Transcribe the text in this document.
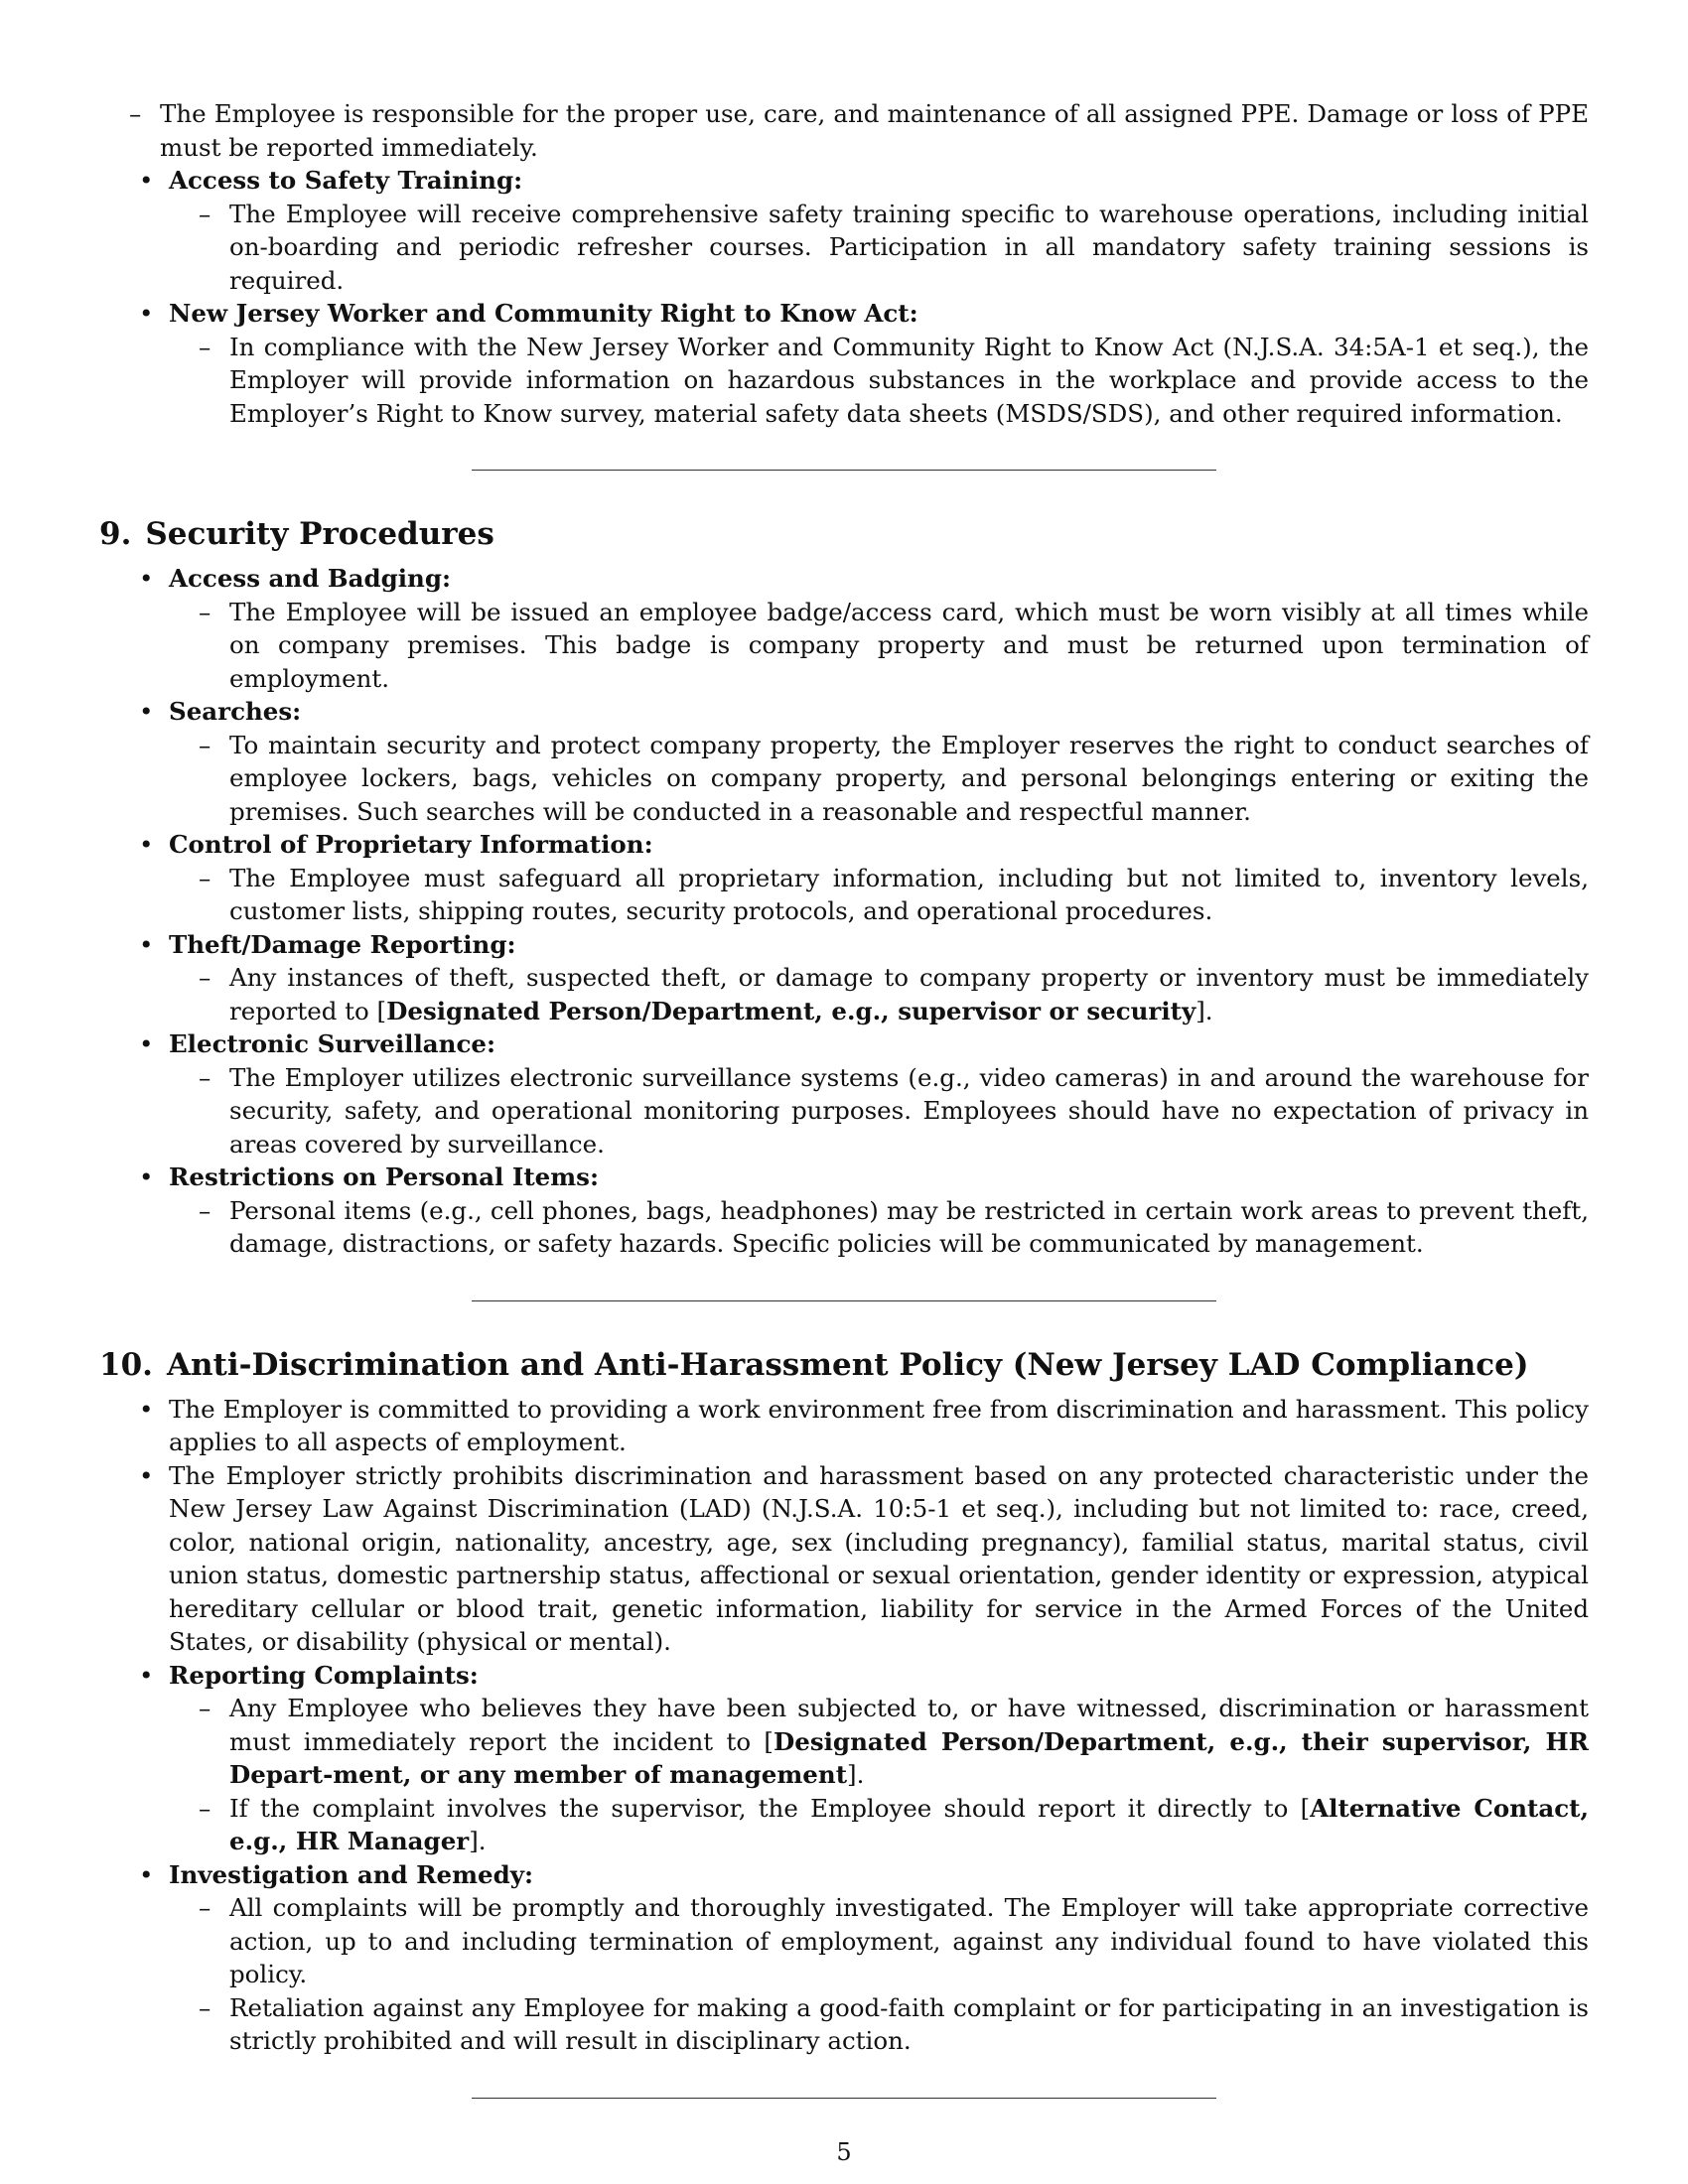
– The Employee is responsible for the proper use, care, and maintenance of all assigned PPE. Damage or loss of PPE must be reported immediately.
• Access to Safety Training:
– The Employee will receive comprehensive safety training specific to warehouse operations, including initial on-boarding and periodic refresher courses. Participation in all mandatory safety training sessions is required.
• New Jersey Worker and Community Right to Know Act:
– In compliance with the New Jersey Worker and Community Right to Know Act (N.J.S.A. 34:5A-1 et seq.), the Employer will provide information on hazardous substances in the workplace and provide access to the Employer’s Right to Know survey, material safety data sheets (MSDS/SDS), and other required information.
9. Security Procedures
• Access and Badging:
– The Employee will be issued an employee badge/access card, which must be worn visibly at all times while on company premises. This badge is company property and must be returned upon termination of employment.
• Searches:
– To maintain security and protect company property, the Employer reserves the right to conduct searches of employee lockers, bags, vehicles on company property, and personal belongings entering or exiting the premises. Such searches will be conducted in a reasonable and respectful manner.
• Control of Proprietary Information:
– The Employee must safeguard all proprietary information, including but not limited to, inventory levels, customer lists, shipping routes, security protocols, and operational procedures.
• Theft/Damage Reporting:
– Any instances of theft, suspected theft, or damage to company property or inventory must be immediately reported to [Designated Person/Department, e.g., supervisor or security].
• Electronic Surveillance:
– The Employer utilizes electronic surveillance systems (e.g., video cameras) in and around the warehouse for security, safety, and operational monitoring purposes. Employees should have no expectation of privacy in areas covered by surveillance.
• Restrictions on Personal Items:
– Personal items (e.g., cell phones, bags, headphones) may be restricted in certain work areas to prevent theft, damage, distractions, or safety hazards. Specific policies will be communicated by management.
10. Anti-Discrimination and Anti-Harassment Policy (New Jersey LAD Compliance)
• The Employer is committed to providing a work environment free from discrimination and harassment. This policy applies to all aspects of employment.
• The Employer strictly prohibits discrimination and harassment based on any protected characteristic under the New Jersey Law Against Discrimination (LAD) (N.J.S.A. 10:5-1 et seq.), including but not limited to: race, creed, color, national origin, nationality, ancestry, age, sex (including pregnancy), familial status, marital status, civil union status, domestic partnership status, affectional or sexual orientation, gender identity or expression, atypical hereditary cellular or blood trait, genetic information, liability for service in the Armed Forces of the United States, or disability (physical or mental).
• Reporting Complaints:
– Any Employee who believes they have been subjected to, or have witnessed, discrimination or harassment must immediately report the incident to [Designated Person/Department, e.g., their supervisor, HR Depart-ment, or any member of management].
– If the complaint involves the supervisor, the Employee should report it directly to [Alternative Contact, e.g., HR Manager].
• Investigation and Remedy:
– All complaints will be promptly and thoroughly investigated. The Employer will take appropriate corrective action, up to and including termination of employment, against any individual found to have violated this policy.
– Retaliation against any Employee for making a good-faith complaint or for participating in an investigation is strictly prohibited and will result in disciplinary action.
5
